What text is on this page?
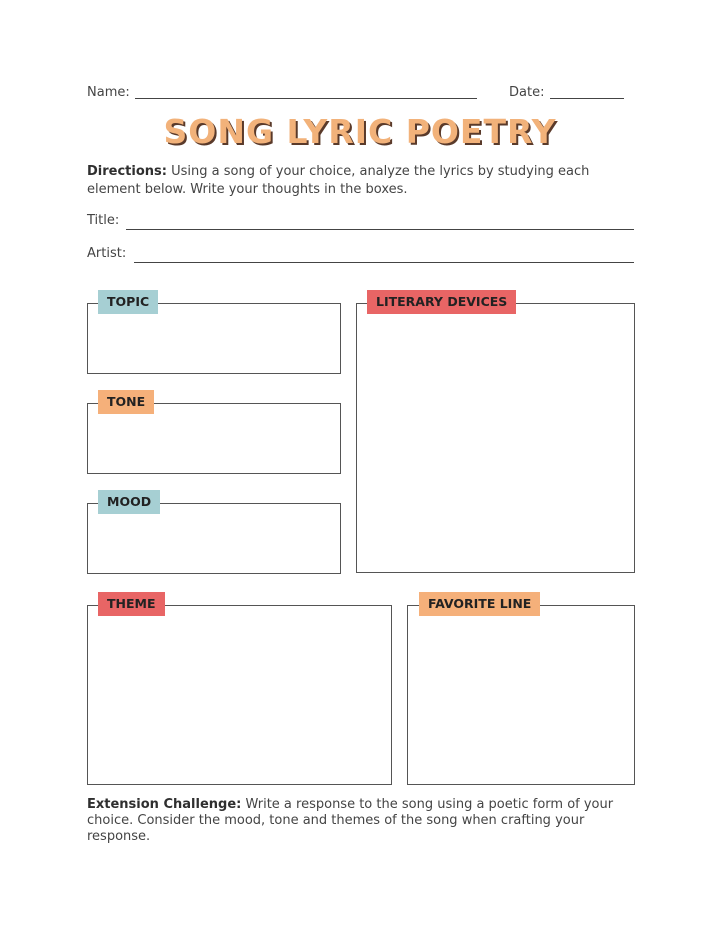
Name:	Date:
SONG LYRIC POETRY
Directions: Using a song of your choice, analyze the lyrics by studying each element below. Write your thoughts in the boxes.
Title:
Artist:
TOPIC
TONE
MOOD
LITERARY DEVICES
THEME	FAVORITE LINE
Extension Challenge: Write a response to the song using a poetic form of your choice. Consider the mood, tone and themes of the song when crafting your response.
